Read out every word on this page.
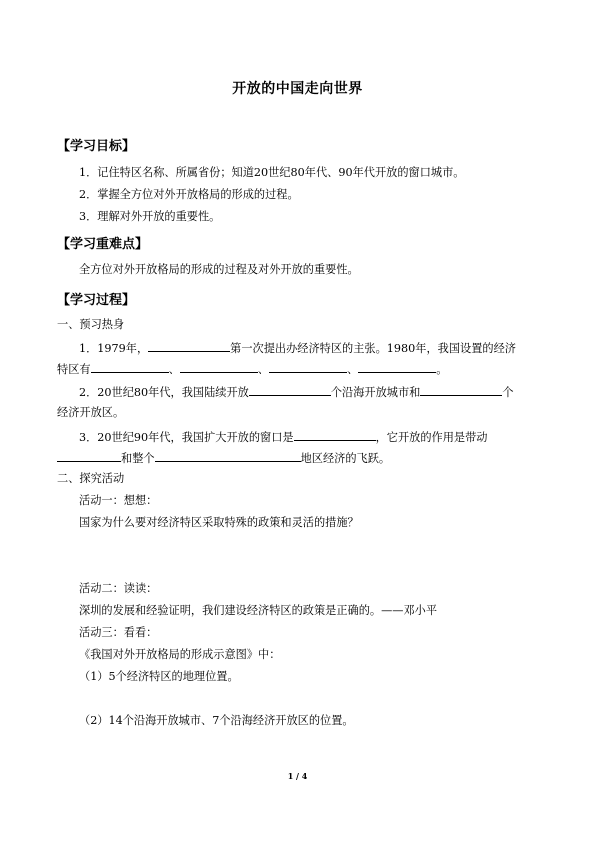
开放的中国走向世界
【学习目标】
1．记住特区名称、所属省份；知道20世纪80年代、90年代开放的窗口城市。
2．掌握全方位对外开放格局的形成的过程。
3．理解对外开放的重要性。
【学习重难点】
全方位对外开放格局的形成的过程及对外开放的重要性。
【学习过程】
一、预习热身
1．1979年，	第一次提出办经济特区的主张。1980年，我国设置的经济
特区有	、	、	、	。
2．20世纪80年代，我国陆续开放	个沿海开放城市和	个
经济开放区。
3．20世纪90年代，我国扩大开放的窗口是	，它开放的作用是带动
和整个	地区经济的飞跃。
二、探究活动
活动一：想想：
国家为什么要对经济特区采取特殊的政策和灵活的措施？
活动二：读读：
深圳的发展和经验证明，我们建设经济特区的政策是正确的。——邓小平
活动三：看看：
《我国对外开放格局的形成示意图》中：
（1）5个经济特区的地理位置。
（2）14个沿海开放城市、7个沿海经济开放区的位置。
1 / 4
